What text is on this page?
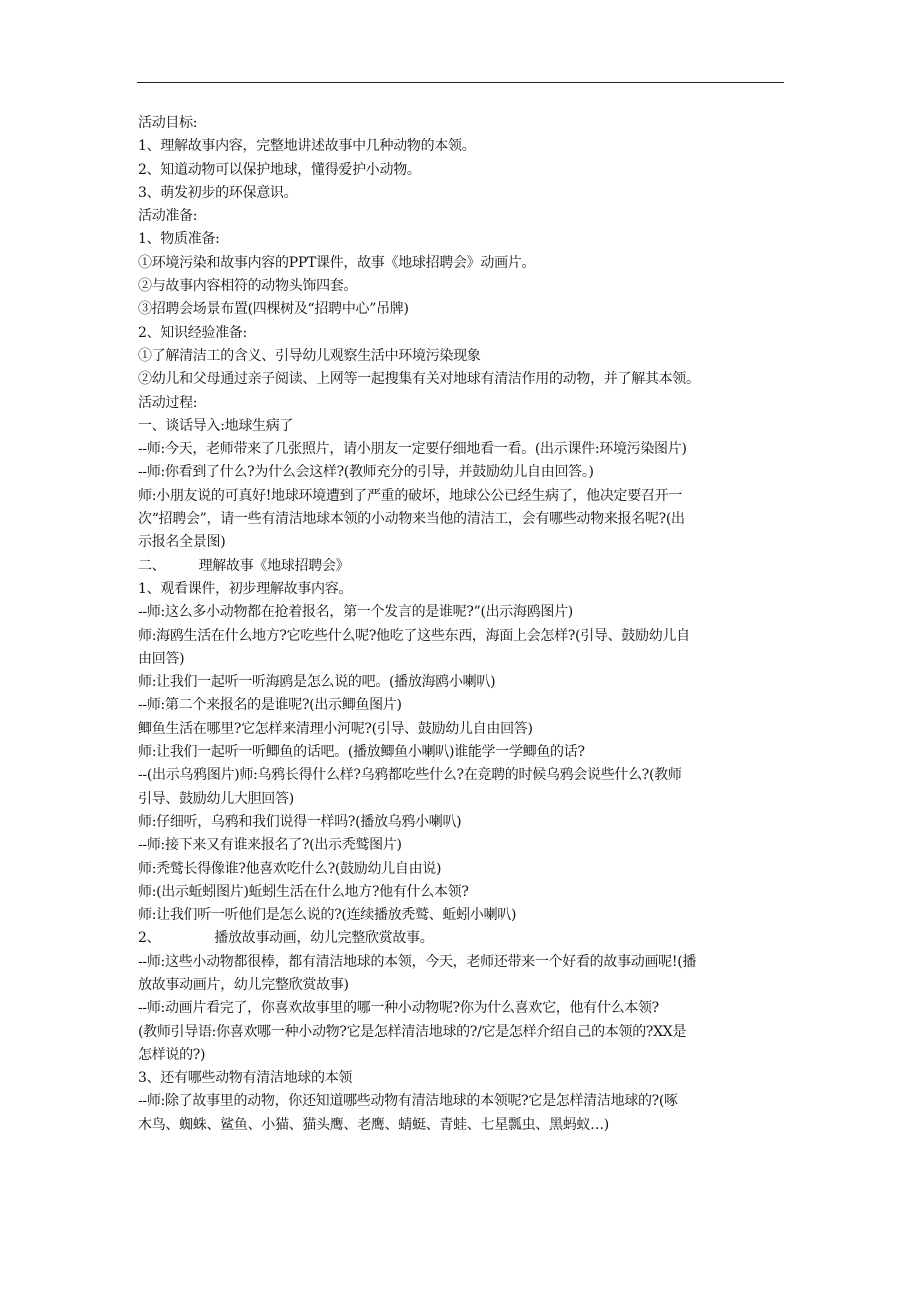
活动目标:

1、理解故事内容，完整地讲述故事中几种动物的本领。

2、知道动物可以保护地球，懂得爱护小动物。

3、萌发初步的环保意识。

活动准备:

1、物质准备:

①环境污染和故事内容的PPT课件，故事《地球招聘会》动画片。

②与故事内容相符的动物头饰四套。

③招聘会场景布置(四棵树及“招聘中心”吊牌)

2、知识经验准备:

①了解清洁工的含义、引导幼儿观察生活中环境污染现象

②幼儿和父母通过亲子阅读、上网等一起搜集有关对地球有清洁作用的动物，并了解其本领。

活动过程:

一、谈话导入:地球生病了

--师:今天，老师带来了几张照片，请小朋友一定要仔细地看一看。(出示课件:环境污染图片)

--师:你看到了什么?为什么会这样?(教师充分的引导，并鼓励幼儿自由回答。)

师:小朋友说的可真好!地球环境遭到了严重的破坏，地球公公已经生病了，他决定要召开一

次“招聘会”，请一些有清洁地球本领的小动物来当他的清洁工，会有哪些动物来报名呢?(出

示报名全景图)

二、        理解故事《地球招聘会》

1、观看课件，初步理解故事内容。

--师:这么多小动物都在抢着报名，第一个发言的是谁呢?”(出示海鸥图片)

师:海鸥生活在什么地方?它吃些什么呢?他吃了这些东西，海面上会怎样?(引导、鼓励幼儿自

由回答)

师:让我们一起听一听海鸥是怎么说的吧。(播放海鸥小喇叭)

--师:第二个来报名的是谁呢?(出示鲫鱼图片)

鲫鱼生活在哪里?它怎样来清理小河呢?(引导、鼓励幼儿自由回答)

师:让我们一起听一听鲫鱼的话吧。(播放鲫鱼小喇叭)谁能学一学鲫鱼的话?

--(出示乌鸦图片)师:乌鸦长得什么样?乌鸦都吃些什么?在竞聘的时候乌鸦会说些什么?(教师

引导、鼓励幼儿大胆回答)

师:仔细听，乌鸦和我们说得一样吗?(播放乌鸦小喇叭)

--师:接下来又有谁来报名了?(出示秃鹫图片)

师:秃鹫长得像谁?他喜欢吃什么?(鼓励幼儿自由说)

师:(出示蚯蚓图片)蚯蚓生活在什么地方?他有什么本领?

师:让我们听一听他们是怎么说的?(连续播放秃鹫、蚯蚓小喇叭)

2、             播放故事动画，幼儿完整欣赏故事。

--师:这些小动物都很棒，都有清洁地球的本领，今天，老师还带来一个好看的故事动画呢!(播

放故事动画片，幼儿完整欣赏故事)

--师:动画片看完了，你喜欢故事里的哪一种小动物呢?你为什么喜欢它，他有什么本领?

(教师引导语:你喜欢哪一种小动物?它是怎样清洁地球的?/它是怎样介绍自己的本领的?XX是

怎样说的?)

3、还有哪些动物有清洁地球的本领

--师:除了故事里的动物，你还知道哪些动物有清洁地球的本领呢?它是怎样清洁地球的?(啄

木鸟、蜘蛛、鲨鱼、小猫、猫头鹰、老鹰、蜻蜓、青蛙、七星瓢虫、黑蚂蚁…)
